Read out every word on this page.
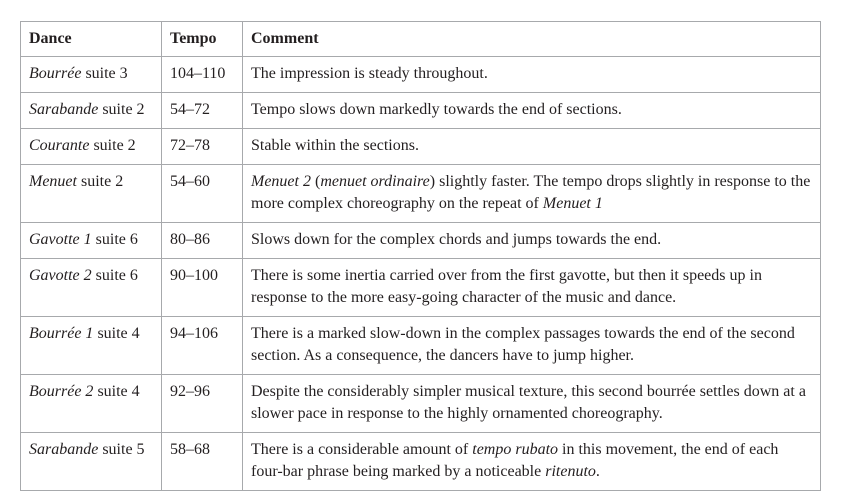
Dance	Tempo	Comment
Bourrée suite 3	104–110	The impression is steady throughout.
Sarabande suite 2	54–72	Tempo slows down markedly towards the end of sections.
Courante suite 2	72–78	Stable within the sections.
Menuet suite 2	54–60	Menuet 2 (menuet ordinaire) slightly faster. The tempo drops slightly in response to the more complex choreography on the repeat of Menuet 1
Gavotte 1 suite 6	80–86	Slows down for the complex chords and jumps towards the end.
Gavotte 2 suite 6	90–100	There is some inertia carried over from the first gavotte, but then it speeds up in response to the more easy-going character of the music and dance.
Bourrée 1 suite 4	94–106	There is a marked slow-down in the complex passages towards the end of the second section. As a consequence, the dancers have to jump higher.
Bourrée 2 suite 4	92–96	Despite the considerably simpler musical texture, this second bourrée settles down at a slower pace in response to the highly ornamented choreography.
Sarabande suite 5	58–68	There is a considerable amount of tempo rubato in this movement, the end of each four-bar phrase being marked by a noticeable ritenuto.
